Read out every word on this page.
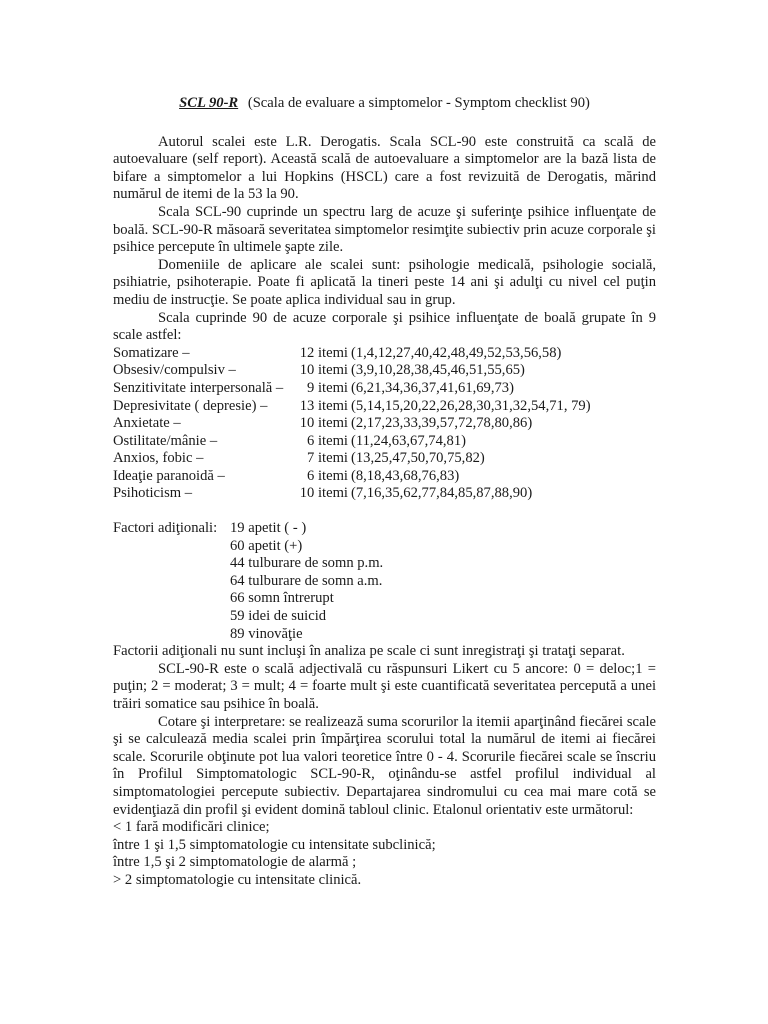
SCL 90-R (Scala de evaluare a simptomelor - Symptom checklist 90)

Autorul scalei este L.R. Derogatis. Scala SCL-90 este construită ca scală de autoevaluare (self report). Această scală de autoevaluare a simptomelor are la bază lista de bifare a simptomelor a lui Hopkins (HSCL) care a fost revizuită de Derogatis, mărind numărul de itemi de la 53 la 90.

Scala SCL-90 cuprinde un spectru larg de acuze şi suferinţe psihice influenţate de boală. SCL-90-R măsoară severitatea simptomelor resimţite subiectiv prin acuze corporale şi psihice percepute în ultimele şapte zile.

Domeniile de aplicare ale scalei sunt: psihologie medicală, psihologie socială, psihiatrie, psihoterapie. Poate fi aplicată la tineri peste 14 ani şi adulţi cu nivel cel puţin mediu de instrucţie. Se poate aplica individual sau in grup.

Scala cuprinde 90 de acuze corporale şi psihice influenţate de boală grupate în 9 scale astfel:

Somatizare –	12 itemi (1,4,12,27,40,42,48,49,52,53,56,58)
Obsesiv/compulsiv –	10 itemi (3,9,10,28,38,45,46,51,55,65)
Senzitivitate interpersonală –	9 itemi (6,21,34,36,37,41,61,69,73)
Depresivitate ( depresie) –	13 itemi (5,14,15,20,22,26,28,30,31,32,54,71, 79)
Anxietate –	10 itemi (2,17,23,33,39,57,72,78,80,86)
Ostilitate/mânie –	6 itemi (11,24,63,67,74,81)
Anxios, fobic –	7 itemi (13,25,47,50,70,75,82)
Ideaţie paranoidă –	6 itemi (8,18,43,68,76,83)
Psihoticism –	10 itemi (7,16,35,62,77,84,85,87,88,90)
Factori adiţionali: 19 apetit ( - )
60 apetit (+)
44 tulburare de somn p.m.
64 tulburare de somn a.m.
66 somn întrerupt
59 idei de suicid
89 vinovăţie

Factorii adiţionali nu sunt incluşi în analiza pe scale ci sunt inregistraţi şi trataţi separat.

SCL-90-R este o scală adjectivală cu răspunsuri Likert cu 5 ancore: 0 = deloc;1 = puţin; 2 = moderat; 3 = mult; 4 = foarte mult şi este cuantificată severitatea percepută a unei trăiri somatice sau psihice în boală.

Cotare şi interpretare: se realizează suma scorurilor la itemii aparţinând fiecărei scale şi se calculează media scalei prin împărţirea scorului total la numărul de itemi ai fiecărei scale. Scorurile obţinute pot lua valori teoretice între 0 - 4. Scorurile fiecărei scale se înscriu în Profilul Simptomatologic SCL-90-R, oţinându-se astfel profilul individual al simptomatologiei percepute subiectiv. Departajarea sindromului cu cea mai mare cotă se evidenţiază din profil şi evident domină tabloul clinic. Etalonul orientativ este următorul:

< 1 fară modificări clinice;
între 1 şi 1,5 simptomatologie cu intensitate subclinică;
între 1,5 şi 2 simptomatologie de alarmă ;
> 2 simptomatologie cu intensitate clinică.
